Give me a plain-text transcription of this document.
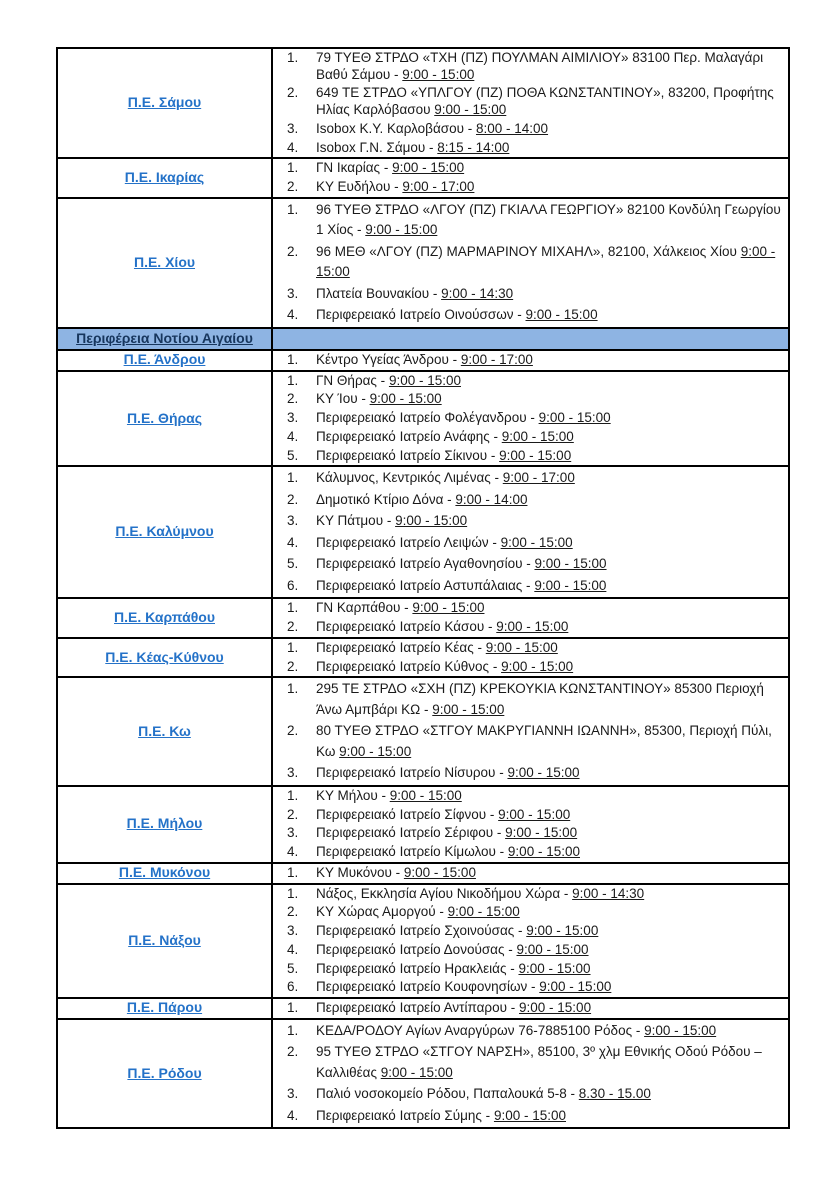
Π.Ε. Σάμου	
1.	79 ΤΥΕΘ ΣΤΡΔΟ «ΤΧΗ (ΠΖ) ΠΟΥΛΜΑΝ ΑΙΜΙΛΙΟΥ» 83100 Περ. Μαλαγάρι Βαθύ Σάμου - 9:00 - 15:00
2.	649 ΤΕ ΣΤΡΔΟ «ΥΠΛΓΟΥ (ΠΖ) ΠΟΘΑ ΚΩΝΣΤΑΝΤΙΝΟΥ», 83200, Προφήτης Ηλίας Καρλόβασου 9:00 - 15:00
3.	Isobox Κ.Υ. Καρλοβάσου - 8:00 - 14:00
4.	Isobox Γ.Ν. Σάμου - 8:15 - 14:00

Π.Ε. Ικαρίας	1. ΓΝ Ικαρίας - 9:00 - 15:00
2. ΚΥ Ευδήλου - 9:00 - 17:00

Π.Ε. Χίου	
1.	96 ΤΥΕΘ ΣΤΡΔΟ «ΛΓΟΥ (ΠΖ) ΓΚΙΑΛΑ ΓΕΩΡΓΙΟΥ» 82100 Κονδύλη Γεωργίου 1 Χίος - 9:00 - 15:00
2.	96 ΜΕΘ «ΛΓΟΥ (ΠΖ) ΜΑΡΜΑΡΙΝΟΥ ΜΙΧΑΗΛ», 82100, Χάλκειος Χίου 9:00 - 15:00
3.	Πλατεία Βουνακίου - 9:00 - 14:30
4.	Περιφερειακό Ιατρείο Οινούσσων - 9:00 - 15:00

Περιφέρεια Νοτίου Αιγαίου	
Π.Ε. Άνδρου	1. Κέντρο Υγείας Άνδρου - 9:00 - 17:00

Π.Ε. Θήρας	
1.	ΓΝ Θήρας - 9:00 - 15:00
2.	ΚΥ Ίου - 9:00 - 15:00
3.	Περιφερειακό Ιατρείο Φολέγανδρου - 9:00 - 15:00
4.	Περιφερειακό Ιατρείο Ανάφης - 9:00 - 15:00
5.	Περιφερειακό Ιατρείο Σίκινου - 9:00 - 15:00

Π.Ε. Καλύμνου	
1.	Κάλυμνος, Κεντρικός Λιμένας - 9:00 - 17:00
2.	Δημοτικό Κτίριο Δόνα - 9:00 - 14:00
3.	ΚΥ Πάτμου - 9:00 - 15:00
4.	Περιφερειακό Ιατρείο Λειψών - 9:00 - 15:00
5.	Περιφερειακό Ιατρείο Αγαθονησίου - 9:00 - 15:00
6.	Περιφερειακό Ιατρείο Αστυπάλαιας - 9:00 - 15:00

Π.Ε. Καρπάθου	1. ΓΝ Καρπάθου - 9:00 - 15:00
2. Περιφερειακό Ιατρείο Κάσου - 9:00 - 15:00

Π.Ε. Κέας-Κύθνου	1. Περιφερειακό Ιατρείο Κέας - 9:00 - 15:00
2. Περιφερειακό Ιατρείο Κύθνος - 9:00 - 15:00

Π.Ε. Κω	
1.	295 ΤΕ ΣΤΡΔΟ «ΣΧΗ (ΠΖ) ΚΡΕΚΟΥΚΙΑ ΚΩΝΣΤΑΝΤΙΝΟΥ» 85300 Περιοχή Άνω Αμπβάρι ΚΩ - 9:00 - 15:00
2.	80 ΤΥΕΘ ΣΤΡΔΟ «ΣΤΓΟΥ ΜΑΚΡΥΓΙΑΝΝΗ ΙΩΑΝΝΗ», 85300, Περιοχή Πύλι, Κω 9:00 - 15:00
3.	Περιφερειακό Ιατρείο Νίσυρου - 9:00 - 15:00

Π.Ε. Μήλου	
1.	ΚΥ Μήλου - 9:00 - 15:00
2.	Περιφερειακό Ιατρείο Σίφνου - 9:00 - 15:00
3.	Περιφερειακό Ιατρείο Σέριφου - 9:00 - 15:00
4.	Περιφερειακό Ιατρείο Κίμωλου - 9:00 - 15:00

Π.Ε. Μυκόνου	1. ΚΥ Μυκόνου - 9:00 - 15:00

Π.Ε. Νάξου	
1.	Νάξος, Εκκλησία Αγίου Νικοδήμου Χώρα - 9:00 - 14:30
2.	ΚΥ Χώρας Αμοργού - 9:00 - 15:00
3.	Περιφερειακό Ιατρείο Σχοινούσας - 9:00 - 15:00
4.	Περιφερειακό Ιατρείο Δονούσας - 9:00 - 15:00
5.	Περιφερειακό Ιατρείο Ηρακλειάς - 9:00 - 15:00
6.	Περιφερειακό Ιατρείο Κουφονησίων - 9:00 - 15:00

Π.Ε. Πάρου	1. Περιφερειακό Ιατρείο Αντίπαρου - 9:00 - 15:00

Π.Ε. Ρόδου	
1.	ΚΕΔΑ/ΡΟΔΟΥ Αγίων Αναργύρων 76-7885100 Ρόδος - 9:00 - 15:00
2.	95 ΤΥΕΘ ΣΤΡΔΟ «ΣΤΓΟΥ ΝΑΡΣΗ», 85100, 3º χλμ Εθνικής Οδού Ρόδου – Καλλιθέας 9:00 - 15:00
3.	Παλιό νοσοκομείο Ρόδου, Παπαλουκά 5-8 - 8.30 - 15.00
4.	Περιφερειακό Ιατρείο Σύμης - 9:00 - 15:00
